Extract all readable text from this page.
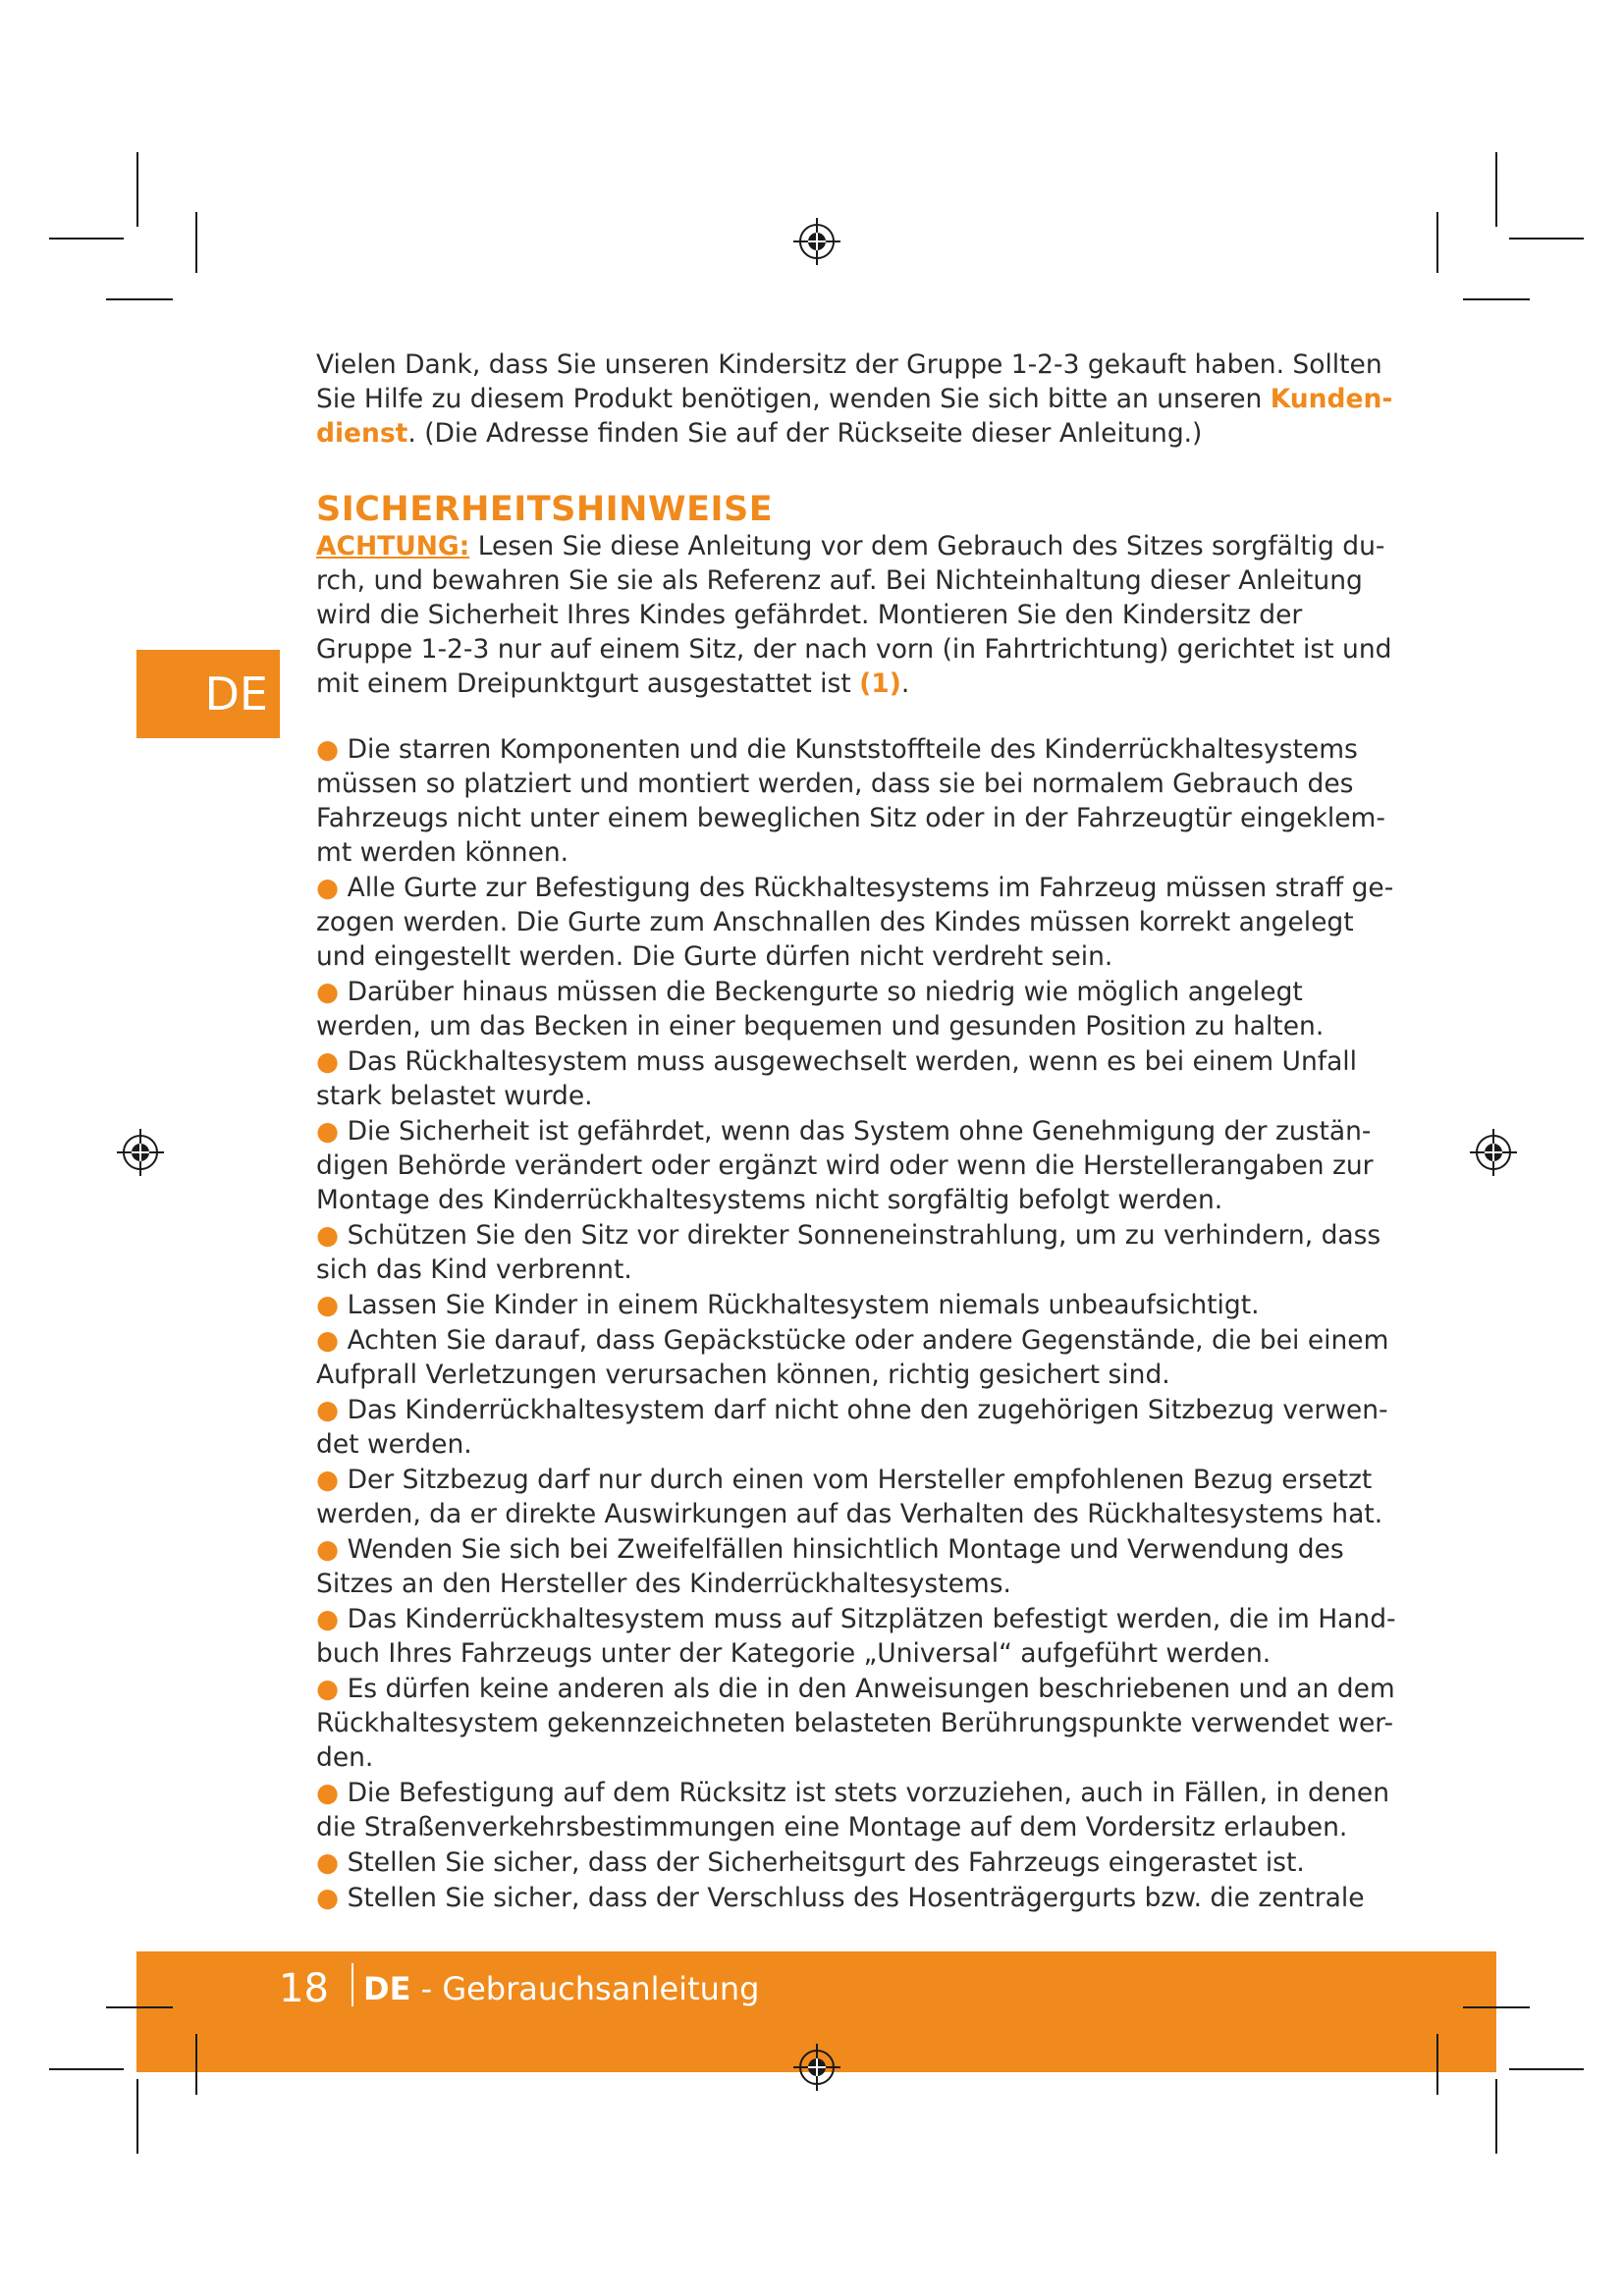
DE

Vielen Dank, dass Sie unseren Kindersitz der Gruppe 1-2-3 gekauft haben. Sollten Sie Hilfe zu diesem Produkt benötigen, wenden Sie sich bitte an unseren Kunden-dienst. (Die Adresse finden Sie auf der Rückseite dieser Anleitung.)

SICHERHEITSHINWEISE

ACHTUNG: Lesen Sie diese Anleitung vor dem Gebrauch des Sitzes sorgfältig du-rch, und bewahren Sie sie als Referenz auf. Bei Nichteinhaltung dieser Anleitung wird die Sicherheit Ihres Kindes gefährdet. Montieren Sie den Kindersitz der Gruppe 1-2-3 nur auf einem Sitz, der nach vorn (in Fahrtrichtung) gerichtet ist und mit einem Dreipunktgurt ausgestattet ist (1).

● Die starren Komponenten und die Kunststoffteile des Kinderrückhaltesystems müssen so platziert und montiert werden, dass sie bei normalem Gebrauch des Fahrzeugs nicht unter einem beweglichen Sitz oder in der Fahrzeugtür eingeklem-mt werden können.
● Alle Gurte zur Befestigung des Rückhaltesystems im Fahrzeug müssen straff ge-zogen werden. Die Gurte zum Anschnallen des Kindes müssen korrekt angelegt und eingestellt werden. Die Gurte dürfen nicht verdreht sein.
● Darüber hinaus müssen die Beckengurte so niedrig wie möglich angelegt werden, um das Becken in einer bequemen und gesunden Position zu halten.
● Das Rückhaltesystem muss ausgewechselt werden, wenn es bei einem Unfall stark belastet wurde.
● Die Sicherheit ist gefährdet, wenn das System ohne Genehmigung der zustän-digen Behörde verändert oder ergänzt wird oder wenn die Herstellerangaben zur Montage des Kinderrückhaltesystems nicht sorgfältig befolgt werden.
● Schützen Sie den Sitz vor direkter Sonneneinstrahlung, um zu verhindern, dass sich das Kind verbrennt.
● Lassen Sie Kinder in einem Rückhaltesystem niemals unbeaufsichtigt.
● Achten Sie darauf, dass Gepäckstücke oder andere Gegenstände, die bei einem Aufprall Verletzungen verursachen können, richtig gesichert sind.
● Das Kinderrückhaltesystem darf nicht ohne den zugehörigen Sitzbezug verwen-det werden.
● Der Sitzbezug darf nur durch einen vom Hersteller empfohlenen Bezug ersetzt werden, da er direkte Auswirkungen auf das Verhalten des Rückhaltesystems hat.
● Wenden Sie sich bei Zweifelfällen hinsichtlich Montage und Verwendung des Sitzes an den Hersteller des Kinderrückhaltesystems.
● Das Kinderrückhaltesystem muss auf Sitzplätzen befestigt werden, die im Hand-buch Ihres Fahrzeugs unter der Kategorie „Universal“ aufgeführt werden.
● Es dürfen keine anderen als die in den Anweisungen beschriebenen und an dem Rückhaltesystem gekennzeichneten belasteten Berührungspunkte verwendet wer-den.
● Die Befestigung auf dem Rücksitz ist stets vorzuziehen, auch in Fällen, in denen die Straßenverkehrsbestimmungen eine Montage auf dem Vordersitz erlauben.
● Stellen Sie sicher, dass der Sicherheitsgurt des Fahrzeugs eingerastet ist.
● Stellen Sie sicher, dass der Verschluss des Hosenträgergurts bzw. die zentrale
18 DE - Gebrauchsanleitung
